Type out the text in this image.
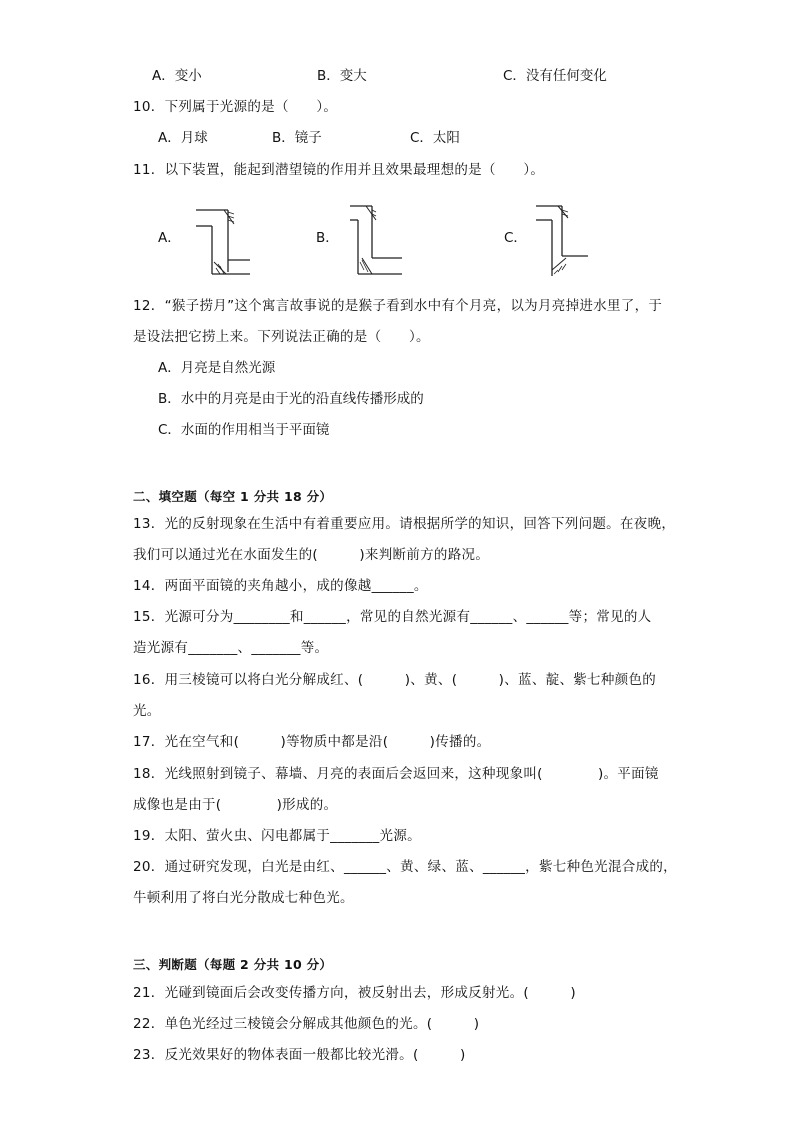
A．变小	B．变大	C．没有任何变化
10．下列属于光源的是（　　）。
A．月球	B．镜子	C．太阳
11．以下装置，能起到潜望镜的作用并且效果最理想的是（　　）。
A．	B．	C．
12．“猴子捞月”这个寓言故事说的是猴子看到水中有个月亮，以为月亮掉进水里了，于
是设法把它捞上来。下列说法正确的是（　　）。
A．月亮是自然光源
B．水中的月亮是由于光的沿直线传播形成的
C．水面的作用相当于平面镜
二、填空题（每空 1 分共 18 分）
13．光的反射现象在生活中有着重要应用。请根据所学的知识，回答下列问题。在夜晚，
我们可以通过光在水面发生的(　　　)来判断前方的路况。
14．两面平面镜的夹角越小，成的像越______。
15．光源可分为________和______，常见的自然光源有______、______等；常见的人
造光源有_______、_______等。
16．用三棱镜可以将白光分解成红、(　　　)、黄、(　　　)、蓝、靛、紫七种颜色的
光。
17．光在空气和(　　　)等物质中都是沿(　　　)传播的。
18．光线照射到镜子、幕墙、月亮的表面后会返回来，这种现象叫(　　　　)。平面镜
成像也是由于(　　　　)形成的。
19．太阳、萤火虫、闪电都属于_______光源。
20．通过研究发现，白光是由红、______、黄、绿、蓝、______，紫七种色光混合成的，
牛顿利用了将白光分散成七种色光。
三、判断题（每题 2 分共 10 分）
21．光碰到镜面后会改变传播方向，被反射出去，形成反射光。(　　　)
22．单色光经过三棱镜会分解成其他颜色的光。(　　　)
23．反光效果好的物体表面一般都比较光滑。(　　　)
